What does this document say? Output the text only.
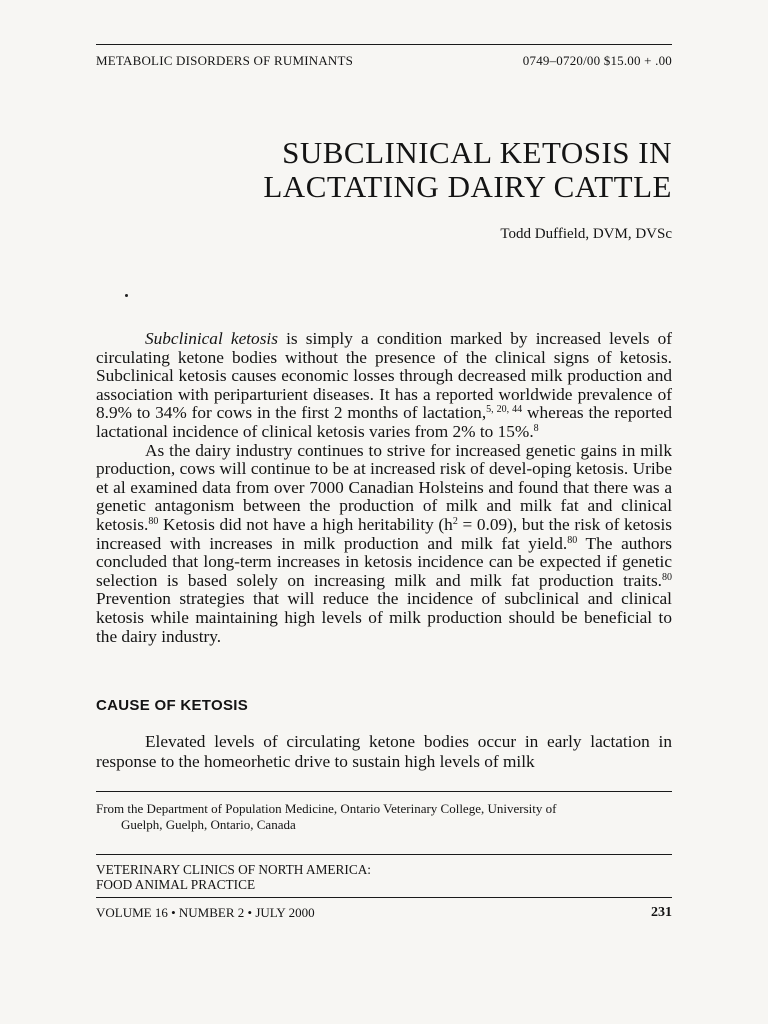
METABOLIC DISORDERS OF RUMINANTS	0749–0720/00 $15.00 + .00
SUBCLINICAL KETOSIS IN
LACTATING DAIRY CATTLE
Todd Duffield, DVM, DVSc

Subclinical ketosis is simply a condition marked by increased levels of circulating ketone bodies without the presence of the clinical signs of ketosis. Subclinical ketosis causes economic losses through decreased milk production and association with periparturient diseases. It has a reported worldwide prevalence of 8.9% to 34% for cows in the first 2 months of lactation,$^{5, 20, 44}$ whereas the reported lactational incidence of clinical ketosis varies from 2% to 15%.$^8$

As the dairy industry continues to strive for increased genetic gains in milk production, cows will continue to be at increased risk of devel-oping ketosis. Uribe et al examined data from over 7000 Canadian Holsteins and found that there was a genetic antagonism between the production of milk and milk fat and clinical ketosis.$^{80}$ Ketosis did not have a high heritability $(h^2 = 0.09)$, but the risk of ketosis increased with increases in milk production and milk fat yield.$^{80}$ The authors concluded that long-term increases in ketosis incidence can be expected if genetic selection is based solely on increasing milk and milk fat production traits.$^{80}$ Prevention strategies that will reduce the incidence of subclinical and clinical ketosis while maintaining high levels of milk production should be beneficial to the dairy industry.

CAUSE OF KETOSIS

Elevated levels of circulating ketone bodies occur in early lactation in response to the homeorhetic drive to sustain high levels of milk

From the Department of Population Medicine, Ontario Veterinary College, University of
Guelph, Guelph, Ontario, Canada
VETERINARY CLINICS OF NORTH AMERICA:
FOOD ANIMAL PRACTICE
VOLUME 16 • NUMBER 2 • JULY 2000	231
